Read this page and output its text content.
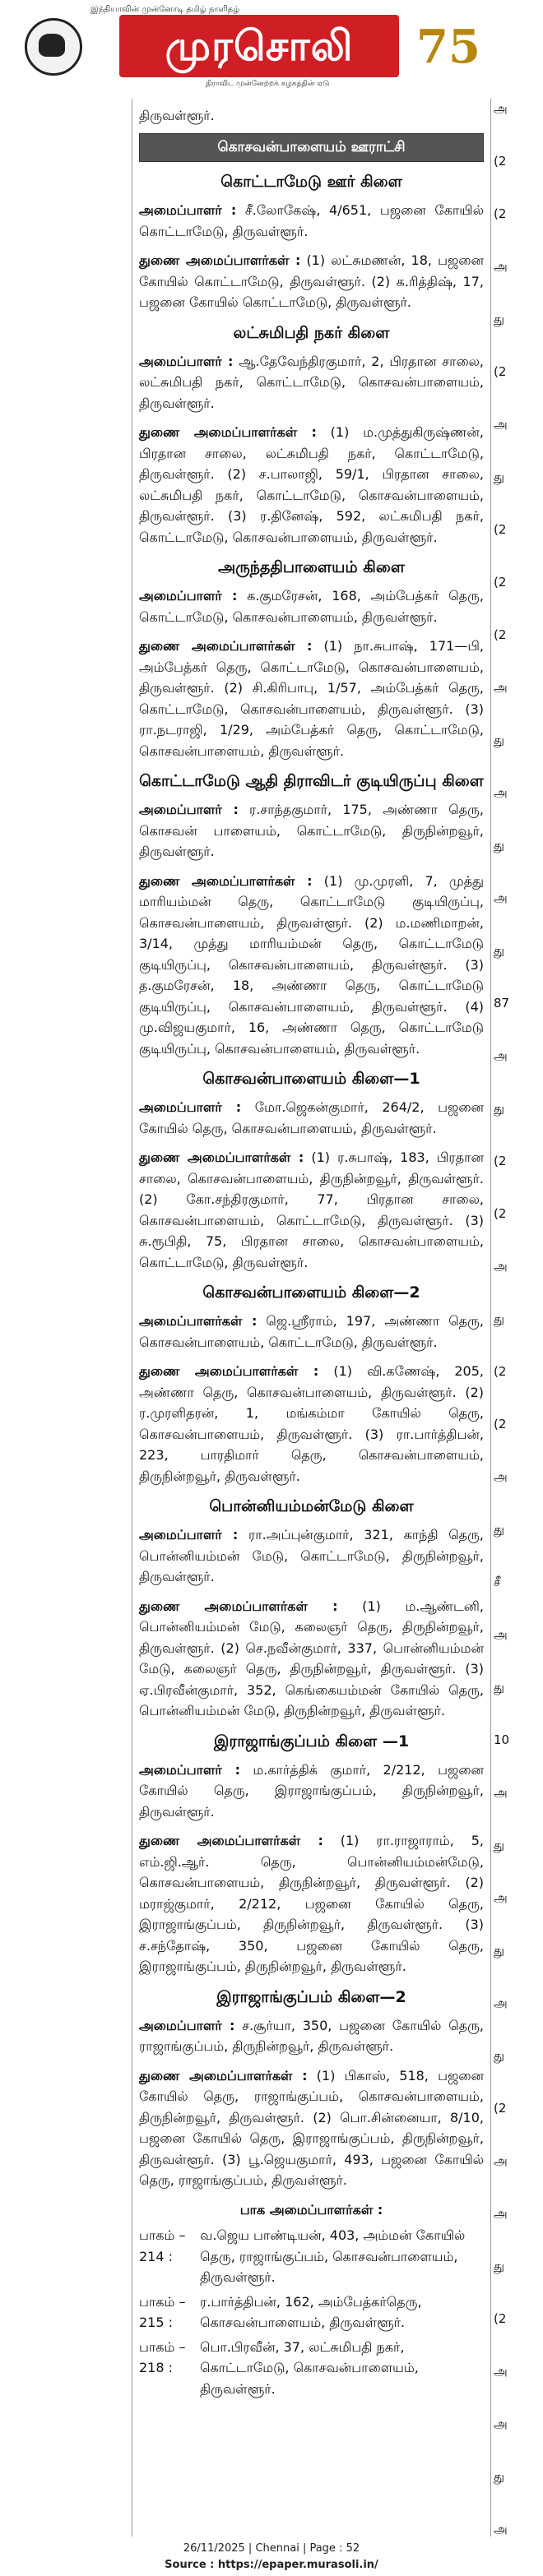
இந்தியாவின் முன்னோடி தமிழ் நாளிதழ்
முரசொலி
திராவிட முன்னேற்றக் கழகத்தின் ஏடு
75

திருவள்ளூர்.

கொசவன்பாளையம் ஊராட்சி
கொட்டாமேடு ஊர் கிளை

அமைப்பாளர் : சீ.லோகேஷ், 4/651, பஜனை கோயில் கொட்டாமேடு, திருவள்ளூர்.

துணை அமைப்பாளர்கள் : (1) லட்சுமணன், 18, பஜனை கோயில் கொட்டாமேடு, திருவள்ளூர். (2) க.ரித்திஷ், 17, பஜனை கோயில் கொட்டாமேடு, திருவள்ளூர்.

லட்சுமிபதி நகர் கிளை

அமைப்பாளர் : ஆ.தேவேந்திரகுமார், 2, பிரதான சாலை, லட்சுமிபதி நகர், கொட்டாமேடு, கொசவன்பாளையம், திருவள்ளூர்.

துணை அமைப்பாளர்கள் : (1) ம.முத்துகிருஷ்ணன், பிரதான சாலை, லட்சுமிபதி நகர், கொட்டாமேடு, திருவள்ளூர். (2) ச.பாலாஜி, 59/1, பிரதான சாலை, லட்சுமிபதி நகர், கொட்டாமேடு, கொசவன்பாளையம், திருவள்ளூர். (3) ர.தினேஷ், 592, லட்சுமிபதி நகர், கொட்டாமேடு, கொசவன்பாளையம், திருவள்ளூர்.

அருந்ததிபாளையம் கிளை

அமைப்பாளர் : க.குமரேசன், 168, அம்பேத்கர் தெரு, கொட்டாமேடு, கொசவன்பாளையம், திருவள்ளூர்.

துணை அமைப்பாளர்கள் : (1) நா.சுபாஷ், 171—பி, அம்பேத்கர் தெரு, கொட்டாமேடு, கொசவன்பாளையம், திருவள்ளூர். (2) சி.கிரிபாபு, 1/57, அம்பேத்கர் தெரு, கொட்டாமேடு, கொசவன்பாளையம், திருவள்ளூர். (3) ரா.நடராஜி, 1/29, அம்பேத்கர் தெரு, கொட்டாமேடு, கொசவன்பாளையம், திருவள்ளூர்.

கொட்டாமேடு ஆதி திராவிடர் குடியிருப்பு கிளை

அமைப்பாளர் : ர.சாந்தகுமார், 175, அண்ணா தெரு, கொசவன் பாளையம், கொட்டாமேடு, திருநின்றவூர், திருவள்ளூர்.

துணை அமைப்பாளர்கள் : (1) மு.முரளி, 7, முத்து மாரியம்மன் தெரு, கொட்டாமேடு குடியிருப்பு, கொசவன்பாளையம், திருவள்ளூர். (2) ம.மணிமாறன், 3/14, முத்து மாரியம்மன் தெரு, கொட்டாமேடு குடியிருப்பு, கொசவன்பாளையம், திருவள்ளூர். (3) த.குமரேசன், 18, அண்ணா தெரு, கொட்டாமேடு குடியிருப்பு, கொசவன்பாளையம், திருவள்ளூர். (4) மு.விஜயகுமார், 16, அண்ணா தெரு, கொட்டாமேடு குடியிருப்பு, கொசவன்பாளையம், திருவள்ளூர்.

கொசவன்பாளையம் கிளை—1

அமைப்பாளர் : மோ.ஜெகன்குமார், 264/2, பஜனை கோயில் தெரு, கொசவன்பாளையம், திருவள்ளூர்.

துணை அமைப்பாளர்கள் : (1) ர.சுபாஷ், 183, பிரதான சாலை, கொசவன்பாளையம், திருநின்றவூர், திருவள்ளூர். (2) கோ.சந்திரகுமார், 77, பிரதான சாலை, கொசவன்பாளையம், கொட்டாமேடு, திருவள்ளூர். (3) சு.ரூபிதி, 75, பிரதான சாலை, கொசவன்பாளையம், கொட்டாமேடு, திருவள்ளூர்.

கொசவன்பாளையம் கிளை—2

அமைப்பாளர்கள் : ஜெ.ஸ்ரீராம், 197, அண்ணா தெரு, கொசவன்பாளையம், கொட்டாமேடு, திருவள்ளூர்.

துணை அமைப்பாளர்கள் : (1) வி.கணேஷ், 205, அண்ணா தெரு, கொசவன்பாளையம், திருவள்ளூர். (2) ர.முரளிதரன், 1, மங்கம்மா கோயில் தெரு, கொசவன்பாளையம், திருவள்ளூர். (3) ரா.பார்த்திபன், 223, பாரதிமார் தெரு, கொசவன்பாளையம், திருநின்றவூர், திருவள்ளூர்.

பொன்னியம்மன்மேடு கிளை

அமைப்பாளர் : ரா.அப்புன்குமார், 321, காந்தி தெரு, பொன்னியம்மன் மேடு, கொட்டாமேடு, திருநின்றவூர், திருவள்ளூர்.

துணை அமைப்பாளர்கள் : (1) ம.ஆண்டனி, பொன்னியம்மன் மேடு, கலைஞர் தெரு, திருநின்றவூர், திருவள்ளூர். (2) செ.நவீன்குமார், 337, பொன்னியம்மன் மேடு, கலைஞர் தெரு, திருநின்றவூர், திருவள்ளூர். (3) ஏ.பிரவீன்குமார், 352, கெங்கையம்மன் கோயில் தெரு, பொன்னியம்மன் மேடு, திருநின்றவூர், திருவள்ளூர்.

இராஜாங்குப்பம் கிளை —1

அமைப்பாளர் : ம.கார்த்திக் குமார், 2/212, பஜனை கோயில் தெரு, இராஜாங்குப்பம், திருநின்றவூர், திருவள்ளூர்.

துணை அமைப்பாளர்கள் : (1) ரா.ராஜாராம், 5, எம்.ஜி.ஆர். தெரு, பொன்னியம்மன்மேடு, கொசவன்பாளையம், திருநின்றவூர், திருவள்ளூர். (2) மராஜ்குமார், 2/212, பஜனை கோயில் தெரு, இராஜாங்குப்பம், திருநின்றவூர், திருவள்ளூர். (3) ச.சந்தோஷ், 350, பஜனை கோயில் தெரு, இராஜாங்குப்பம், திருநின்றவூர், திருவள்ளூர்.

இராஜாங்குப்பம் கிளை—2

அமைப்பாளர் : ச.சூர்யா, 350, பஜனை கோயில் தெரு, ராஜாங்குப்பம், திருநின்றவூர், திருவள்ளூர்.

துணை அமைப்பாளர்கள் : (1) பிகாஸ், 518, பஜனை கோயில் தெரு, ராஜாங்குப்பம், கொசவன்பாளையம், திருநின்றவூர், திருவள்ளூர். (2) பொ.சின்னையா, 8/10, பஜனை கோயில் தெரு, இராஜாங்குப்பம், திருநின்றவூர், திருவள்ளூர். (3) பூ.ஜெயகுமார், 493, பஜனை கோயில் தெரு, ராஜாங்குப்பம், திருவள்ளூர்.

பாக அமைப்பாளர்கள் :
பாகம் – 214 :
வ.ஜெய பாண்டியன், 403, அம்மன் கோயில் தெரு, ராஜாங்குப்பம், கொசவன்பாளையம், திருவள்ளூர்.
பாகம் – 215 :
ர.பார்த்திபன், 162, அம்பேத்கர்தெரு, கொசவன்பாளையம், திருவள்ளூர்.
பாகம் – 218 :
பொ.பிரவீன், 37, லட்சுமிபதி நகர், கொட்டாமேடு, கொசவன்பாளையம், திருவள்ளூர்.
அ
(2
(2
அ
து
(2
அ
து
(2
(2
(2
அ
து
அ
து
அ
து
87
அ
து
(2
(2
அ
து
(2
(2
அ
து
சீ
அ
து
10
அ
து
அ
து
அ
து
(2
அ
அ
து
(2
அ
அ
து
அ
26/11/2025 | Chennai | Page : 52
Source : https://epaper.murasoli.in/
